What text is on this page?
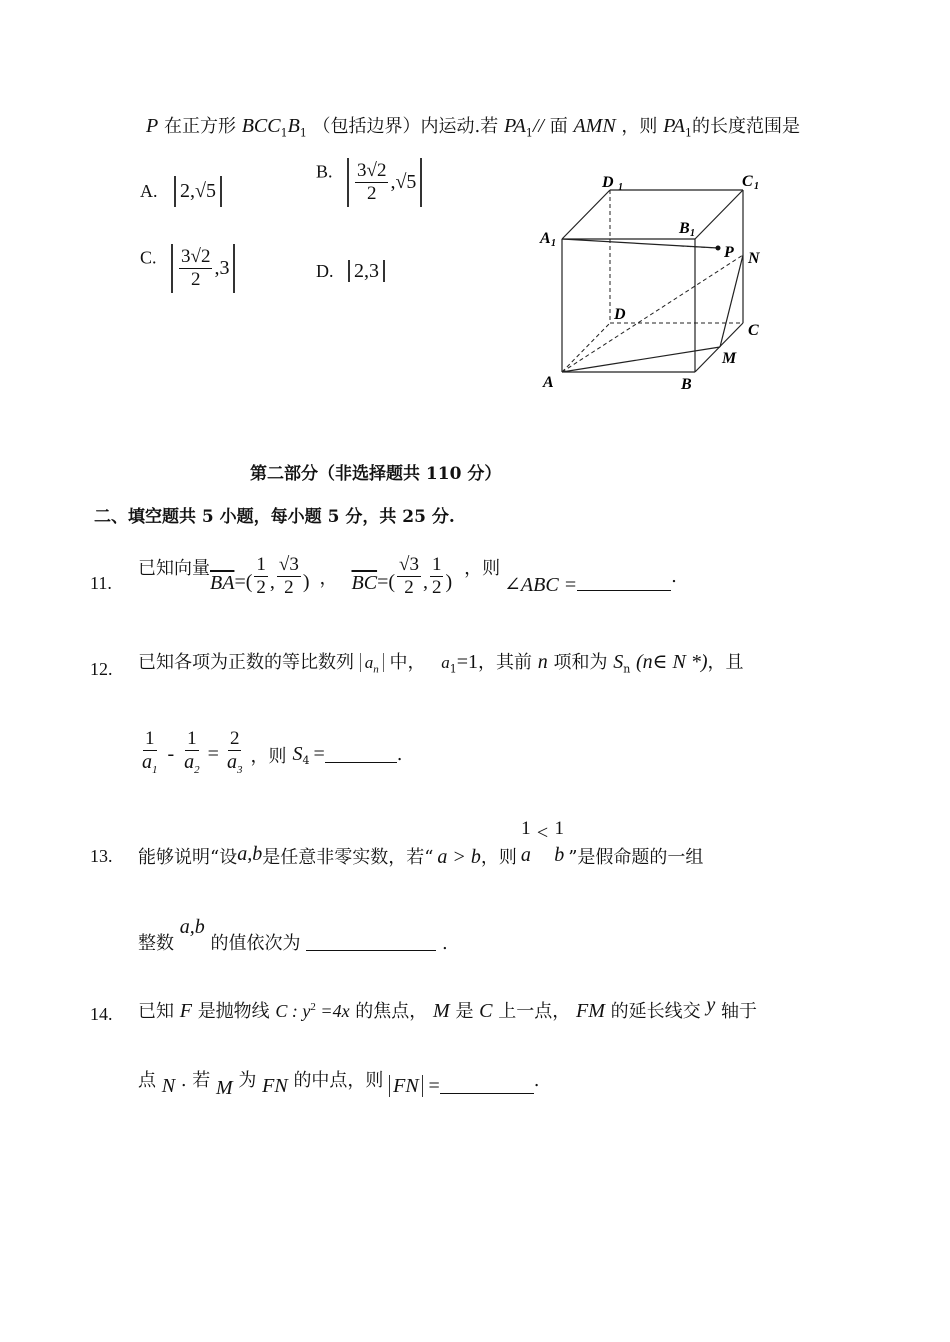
P 在正方形 $BCC_1B_1$ （包括边界）内运动.若 $PA_1//$ 面 AMN ，则 $PA_1$的长度范围是
A. 2,√5
B. $\frac{3√2}{2} ,√5$
C. $\frac{3√2}{2} ,3$	D. 2,3
D 1	C 1
A 1
B 1
P N
D
C
M
A	B
第二部分（非选择题共 110 分）
二、填空题共 5 小题，每小题 5 分，共 25 分.
11.
已知向量
$\overline{BA}$ =( $\frac{1}{2}$ , $\frac{√3}{2}$ ) ， $\overline{BC}$ =( $\frac{√3}{2}$ , $\frac{1}{2}$ )
，则
∠ABC =	.
12. 已知各项为正数的等比数列 $a_n$ 中， $a_1=1$，其前 n 项和为 $S_n$ (n∈ N *)，且
$\frac{1}{a_1} - \frac{1}{a_2} = \frac{2}{a_3}$ ，则 $S_4$ =	.
13. 能够说明“设 a,b 是任意非零实数，若“ a > b ，则
1
a
< 1
b ”是假命题的一组
整数 a,b 的值依次为	.
14. 已知 F 是抛物线 C : $y^2 =4x$ 的焦点， M 是 C 上一点， FM 的延长线交 y 轴于
点 N . 若 M 为 FN 的中点，则 FN =	.
